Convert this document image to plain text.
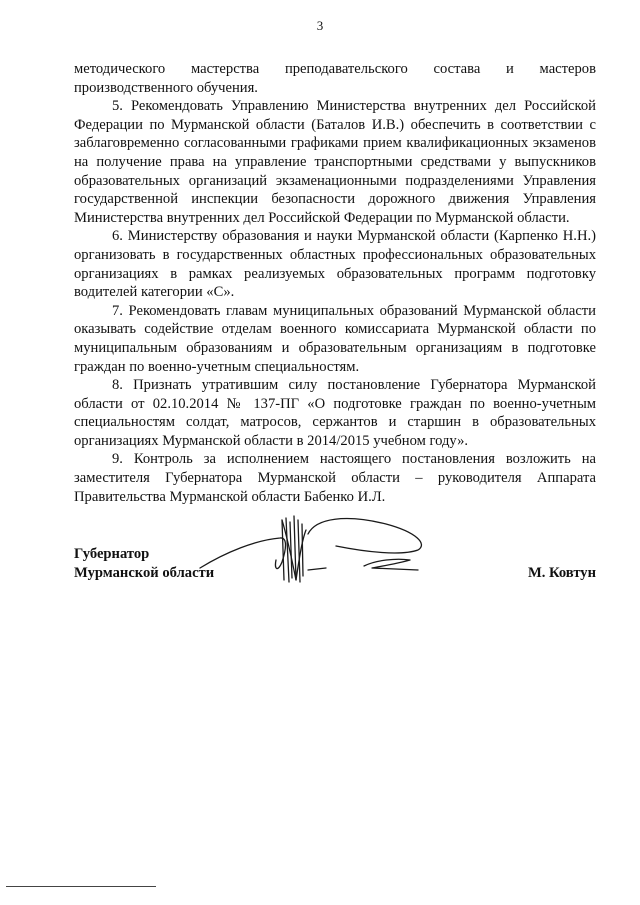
3

методического мастерства преподавательского состава и мастеров производственного обучения.

5. Рекомендовать Управлению Министерства внутренних дел Российской Федерации по Мурманской области (Баталов И.В.) обеспечить в соответствии с заблаговременно согласованными графиками прием квалификационных экзаменов на получение права на управление транспортными средствами у выпускников образовательных организаций экзаменационными подразделениями Управления государственной инспекции безопасности дорожного движения Управления Министерства внутренних дел Российской Федерации по Мурманской области.

6. Министерству образования и науки Мурманской области (Карпенко Н.Н.) организовать в государственных областных профессиональных образовательных организациях в рамках реализуемых образовательных программ подготовку водителей категории «С».

7. Рекомендовать главам муниципальных образований Мурманской области оказывать содействие отделам военного комиссариата Мурманской области по муниципальным образованиям и образовательным организациям в подготовке граждан по военно-учетным специальностям.

8. Признать утратившим силу постановление Губернатора Мурманской области от 02.10.2014 № 137-ПГ «О подготовке граждан по военно-учетным специальностям солдат, матросов, сержантов и старшин в образовательных организациях Мурманской области в 2014/2015 учебном году».

9. Контроль за исполнением настоящего постановления возложить на заместителя Губернатора Мурманской области – руководителя Аппарата Правительства Мурманской области Бабенко И.Л.

Губернатор
Мурманской области	М. Ковтун
